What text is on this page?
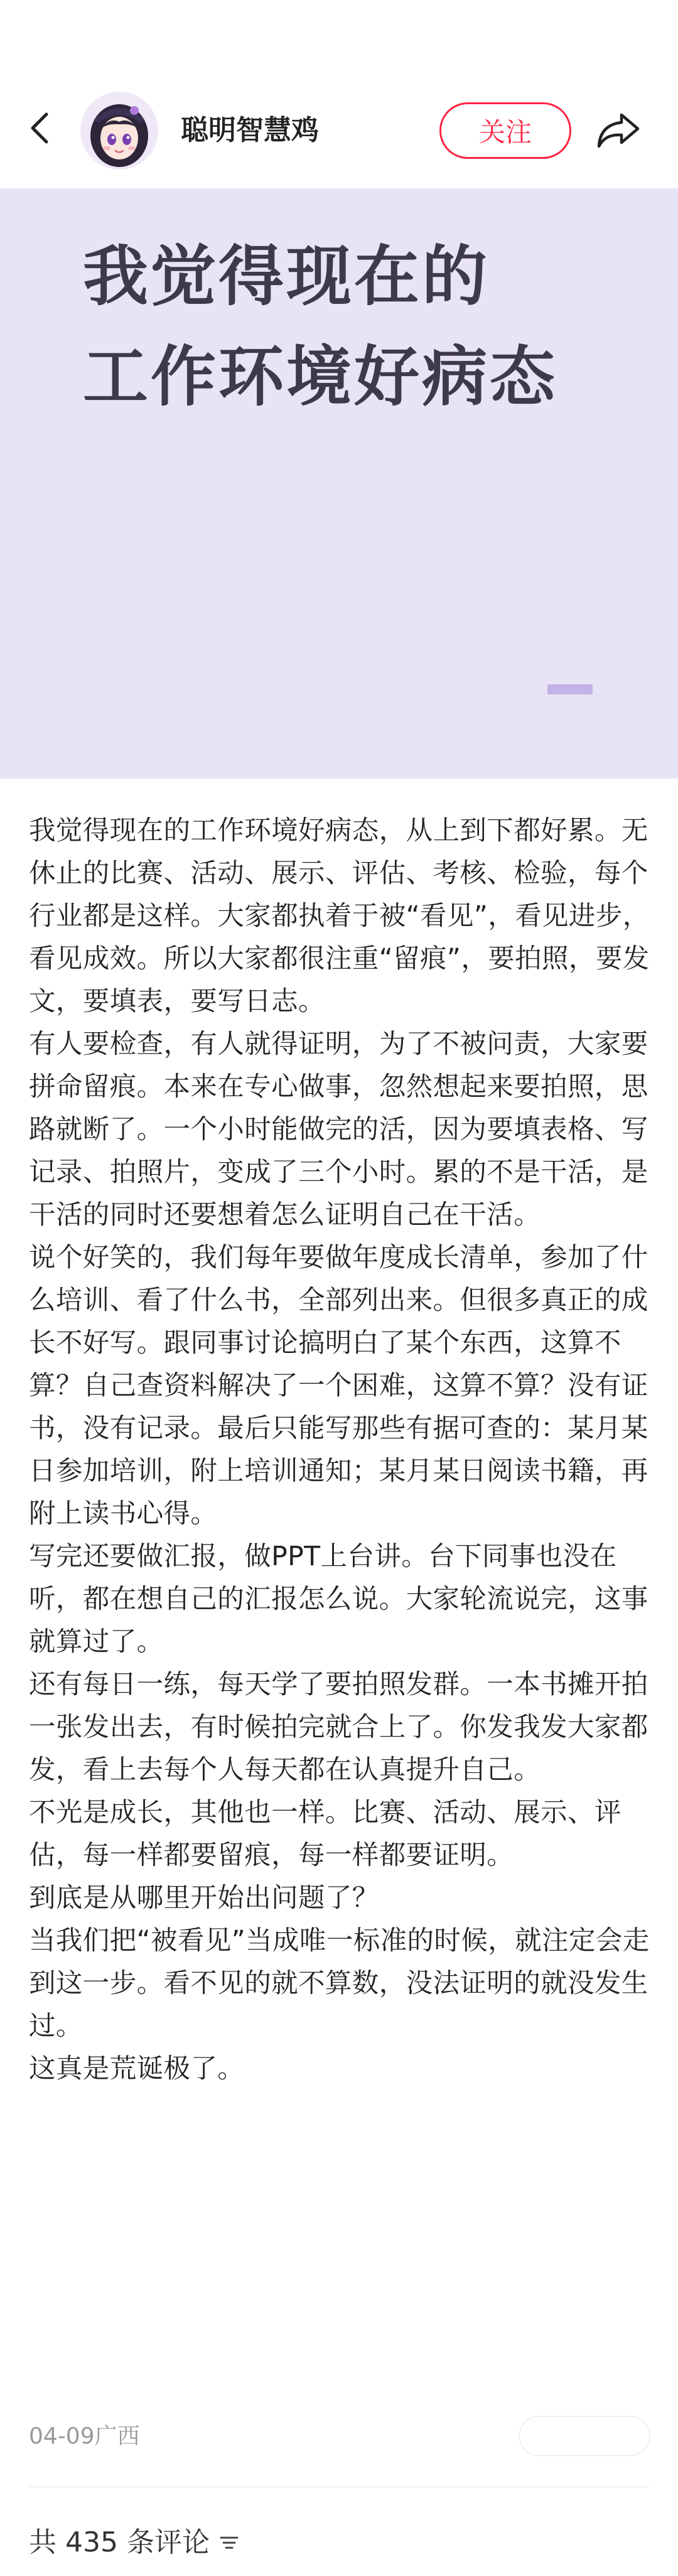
聪明智慧鸡	关注
我觉得现在的
工作环境好病态

我觉得现在的工作环境好病态，从上到下都好累。无休止的比赛、活动、展示、评估、考核、检验，每个行业都是这样。大家都执着于被“看见”，看见进步，看见成效。所以大家都很注重“留痕”，要拍照，要发文，要填表，要写日志。

有人要检查，有人就得证明，为了不被问责，大家要拼命留痕。本来在专心做事，忽然想起来要拍照，思路就断了。一个小时能做完的活，因为要填表格、写记录、拍照片，变成了三个小时。累的不是干活，是干活的同时还要想着怎么证明自己在干活。

说个好笑的，我们每年要做年度成长清单，参加了什么培训、看了什么书，全部列出来。但很多真正的成长不好写。跟同事讨论搞明白了某个东西，这算不算？自己查资料解决了一个困难，这算不算？没有证书，没有记录。最后只能写那些有据可查的：某月某日参加培训，附上培训通知；某月某日阅读书籍，再附上读书心得。

写完还要做汇报，做PPT上台讲。台下同事也没在听，都在想自己的汇报怎么说。大家轮流说完，这事就算过了。

还有每日一练，每天学了要拍照发群。一本书摊开拍一张发出去，有时候拍完就合上了。你发我发大家都发，看上去每个人每天都在认真提升自己。

不光是成长，其他也一样。比赛、活动、展示、评估，每一样都要留痕，每一样都要证明。

到底是从哪里开始出问题了？

当我们把“被看见”当成唯一标准的时候，就注定会走到这一步。看不见的就不算数，没法证明的就没发生过。

这真是荒诞极了。

04-09广西
共 435 条评论
